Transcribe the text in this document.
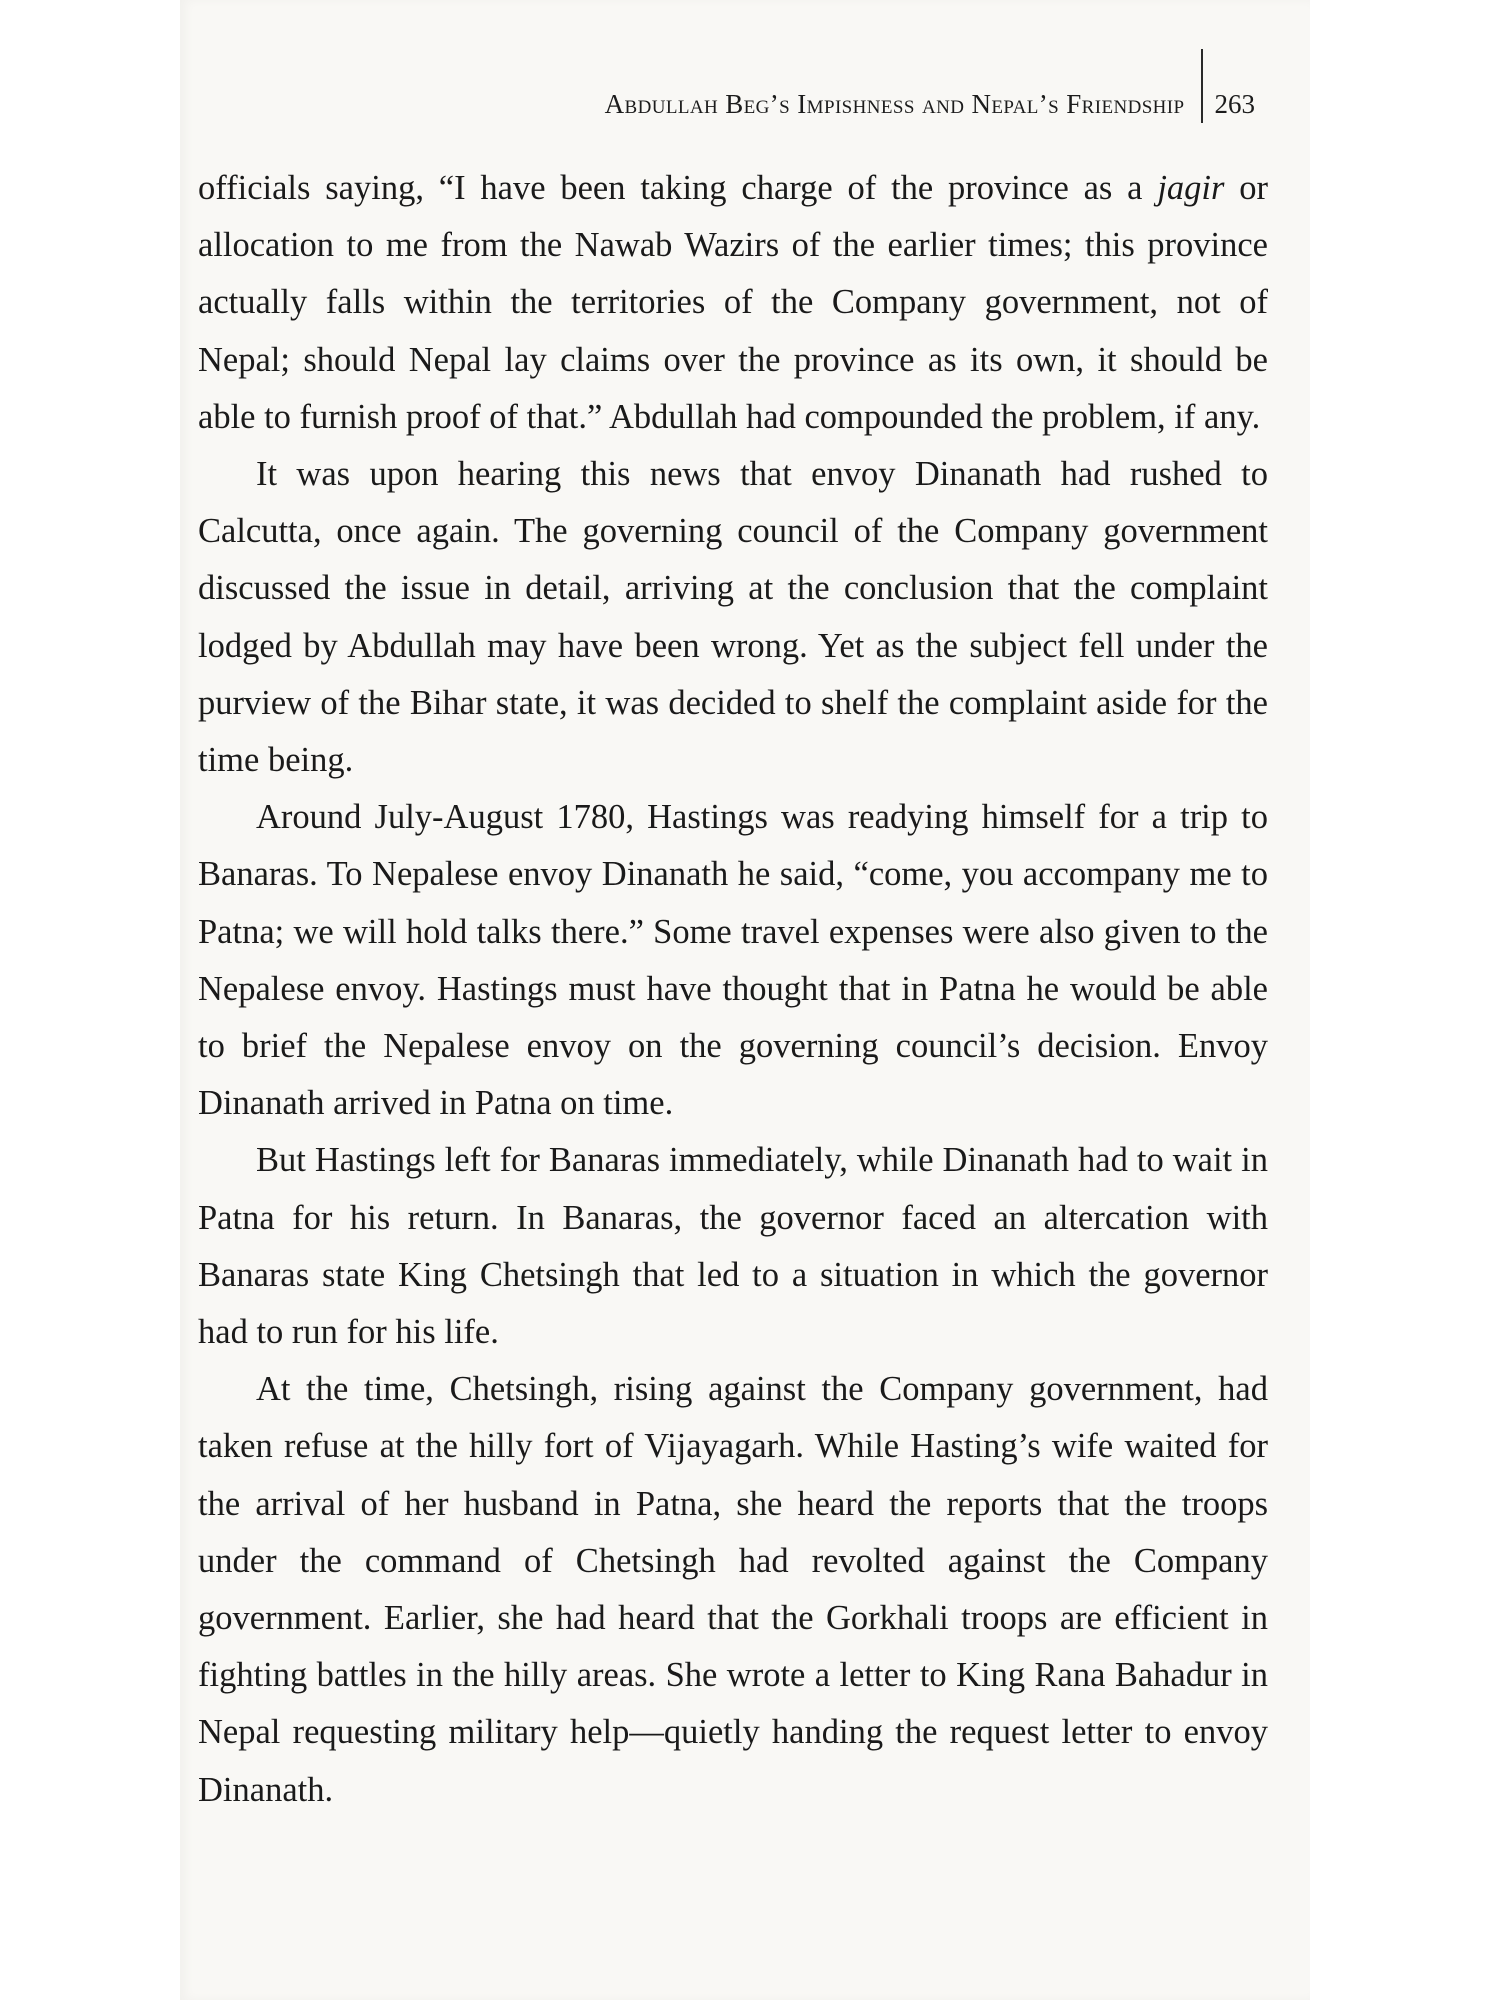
Abdullah Beg’s Impishness and Nepal’s Friendship 263

officials saying, “I have been taking charge of the province as a jagir or allocation to me from the Nawab Wazirs of the earlier times; this province actually falls within the territories of the Company government, not of Nepal; should Nepal lay claims over the province as its own, it should be able to furnish proof of that.” Abdullah had compounded the problem, if any.

It was upon hearing this news that envoy Dinanath had rushed to Calcutta, once again. The governing council of the Company government discussed the issue in detail, arriving at the conclusion that the complaint lodged by Abdullah may have been wrong. Yet as the subject fell under the purview of the Bihar state, it was decided to shelf the complaint aside for the time being.

Around July-August 1780, Hastings was readying himself for a trip to Banaras. To Nepalese envoy Dinanath he said, “come, you accompany me to Patna; we will hold talks there.” Some travel expenses were also given to the Nepalese envoy. Hastings must have thought that in Patna he would be able to brief the Nepalese envoy on the governing council’s decision. Envoy Dinanath arrived in Patna on time.

But Hastings left for Banaras immediately, while Dinanath had to wait in Patna for his return. In Banaras, the governor faced an altercation with Banaras state King Chetsingh that led to a situation in which the governor had to run for his life.

At the time, Chetsingh, rising against the Company government, had taken refuse at the hilly fort of Vijayagarh. While Hasting’s wife waited for the arrival of her husband in Patna, she heard the reports that the troops under the command of Chetsingh had revolted against the Company government. Earlier, she had heard that the Gorkhali troops are efficient in fighting battles in the hilly areas. She wrote a letter to King Rana Bahadur in Nepal requesting military help—quietly handing the request letter to envoy Dinanath.
